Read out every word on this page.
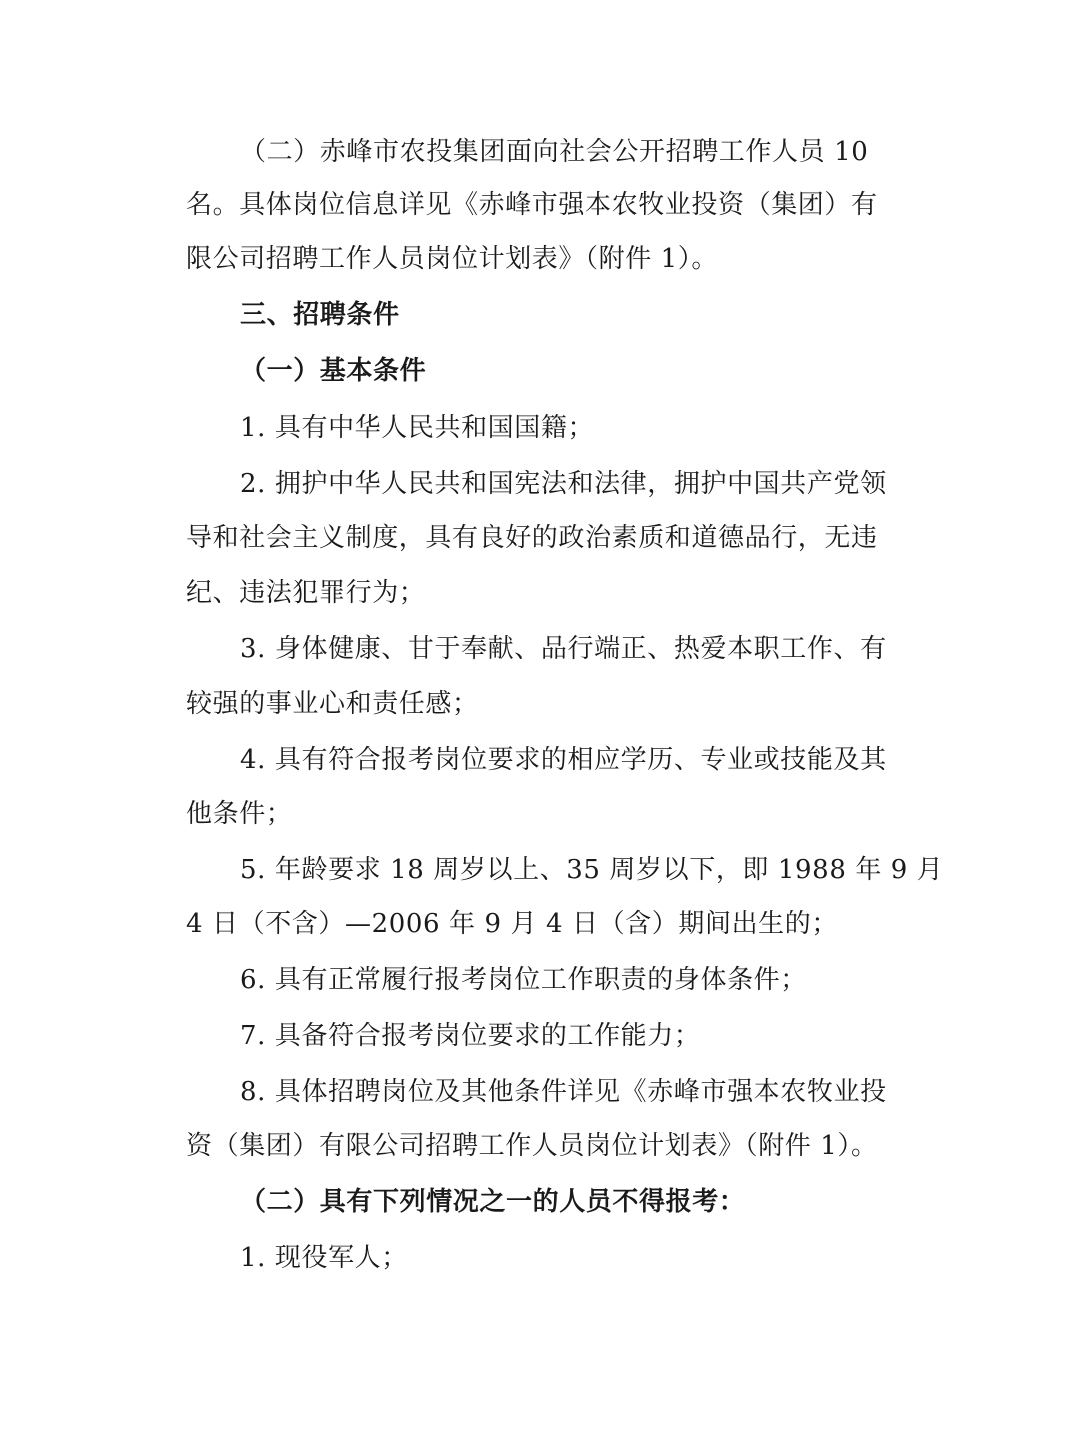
（二）赤峰市农投集团面向社会公开招聘工作人员 10
名。具体岗位信息详见《赤峰市强本农牧业投资（集团）有
限公司招聘工作人员岗位计划表》（附件 1）。
三、招聘条件
（一）基本条件
1. 具有中华人民共和国国籍；
2. 拥护中华人民共和国宪法和法律，拥护中国共产党领
导和社会主义制度，具有良好的政治素质和道德品行，无违
纪、违法犯罪行为；
3. 身体健康、甘于奉献、品行端正、热爱本职工作、有
较强的事业心和责任感；
4. 具有符合报考岗位要求的相应学历、专业或技能及其
他条件；
5. 年龄要求 18 周岁以上、35 周岁以下，即 1988 年 9 月
4 日（不含）—2006 年 9 月 4 日（含）期间出生的；
6. 具有正常履行报考岗位工作职责的身体条件；
7. 具备符合报考岗位要求的工作能力；
8. 具体招聘岗位及其他条件详见《赤峰市强本农牧业投
资（集团）有限公司招聘工作人员岗位计划表》（附件 1）。
（二）具有下列情况之一的人员不得报考：
1. 现役军人；
